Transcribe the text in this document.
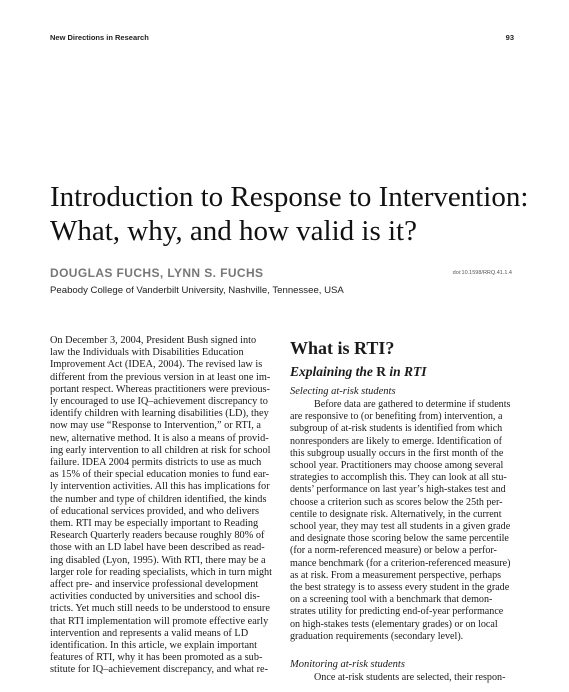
New Directions in Research	93
Introduction to Response to Intervention:
What, why, and how valid is it?
DOUGLAS FUCHS, LYNN S. FUCHS	doi:10.1598/RRQ.41.1.4
Peabody College of Vanderbilt University, Nashville, Tennessee, USA
On December 3, 2004, President Bush signed into
law the Individuals with Disabilities Education
Improvement Act (IDEA, 2004). The revised law is
different from the previous version in at least one im-
portant respect. Whereas practitioners were previous-
ly encouraged to use IQ–achievement discrepancy to
identify children with learning disabilities (LD), they
now may use “Response to Intervention,” or RTI, a
new, alternative method. It is also a means of provid-
ing early intervention to all children at risk for school
failure. IDEA 2004 permits districts to use as much
as 15% of their special education monies to fund ear-
ly intervention activities. All this has implications for
the number and type of children identified, the kinds
of educational services provided, and who delivers
them. RTI may be especially important to Reading
Research Quarterly readers because roughly 80% of
those with an LD label have been described as read-
ing disabled (Lyon, 1995). With RTI, there may be a
larger role for reading specialists, which in turn might
affect pre- and inservice professional development
activities conducted by universities and school dis-
tricts. Yet much still needs to be understood to ensure
that RTI implementation will promote effective early
intervention and represents a valid means of LD
identification. In this article, we explain important
features of RTI, why it has been promoted as a sub-
stitute for IQ–achievement discrepancy, and what re-
What is RTI?
Explaining the R in RTI
Selecting at-risk students
Before data are gathered to determine if students
are responsive to (or benefiting from) intervention, a
subgroup of at-risk students is identified from which
nonresponders are likely to emerge. Identification of
this subgroup usually occurs in the first month of the
school year. Practitioners may choose among several
strategies to accomplish this. They can look at all stu-
dents’ performance on last year’s high-stakes test and
choose a criterion such as scores below the 25th per-
centile to designate risk. Alternatively, in the current
school year, they may test all students in a given grade
and designate those scoring below the same percentile
(for a norm-referenced measure) or below a perfor-
mance benchmark (for a criterion-referenced measure)
as at risk. From a measurement perspective, perhaps
the best strategy is to assess every student in the grade
on a screening tool with a benchmark that demon-
strates utility for predicting end-of-year performance
on high-stakes tests (elementary grades) or on local
graduation requirements (secondary level).
Monitoring at-risk students
Once at-risk students are selected, their respon-
